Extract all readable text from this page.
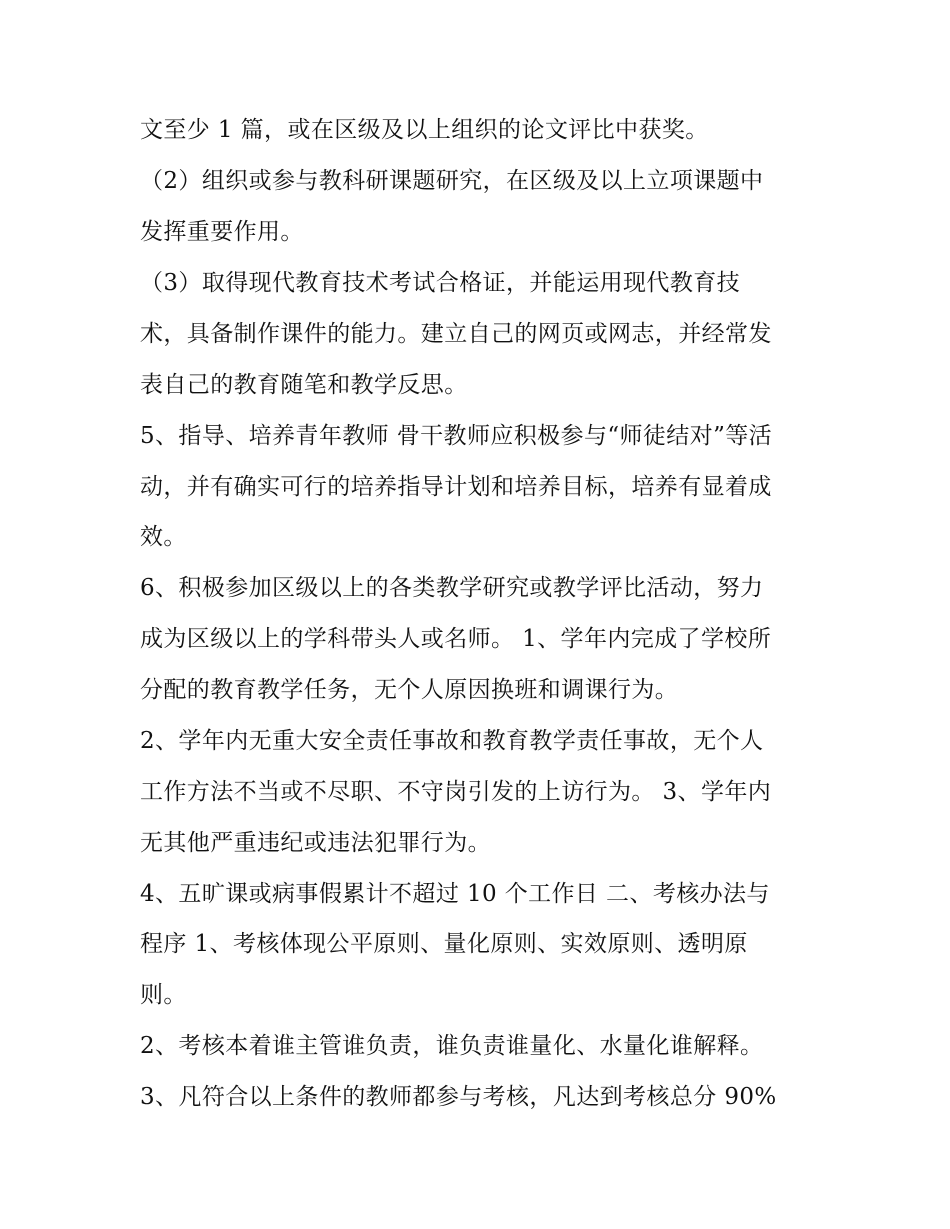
文至少 1 篇，或在区级及以上组织的论文评比中获奖。
（2）组织或参与教科研课题研究，在区级及以上立项课题中
发挥重要作用。
（3）取得现代教育技术考试合格证，并能运用现代教育技
术，具备制作课件的能力。建立自己的网页或网志，并经常发
表自己的教育随笔和教学反思。
5、指导、培养青年教师 骨干教师应积极参与“师徒结对”等活
动，并有确实可行的培养指导计划和培养目标，培养有显着成
效。
6、积极参加区级以上的各类教学研究或教学评比活动，努力
成为区级以上的学科带头人或名师。 1、学年内完成了学校所
分配的教育教学任务，无个人原因换班和调课行为。
2、学年内无重大安全责任事故和教育教学责任事故，无个人
工作方法不当或不尽职、不守岗引发的上访行为。 3、学年内
无其他严重违纪或违法犯罪行为。
4、五旷课或病事假累计不超过 10 个工作日 二、考核办法与
程序 1、考核体现公平原则、量化原则、实效原则、透明原
则。
2、考核本着谁主管谁负责，谁负责谁量化、水量化谁解释。
3、凡符合以上条件的教师都参与考核，凡达到考核总分 90%
